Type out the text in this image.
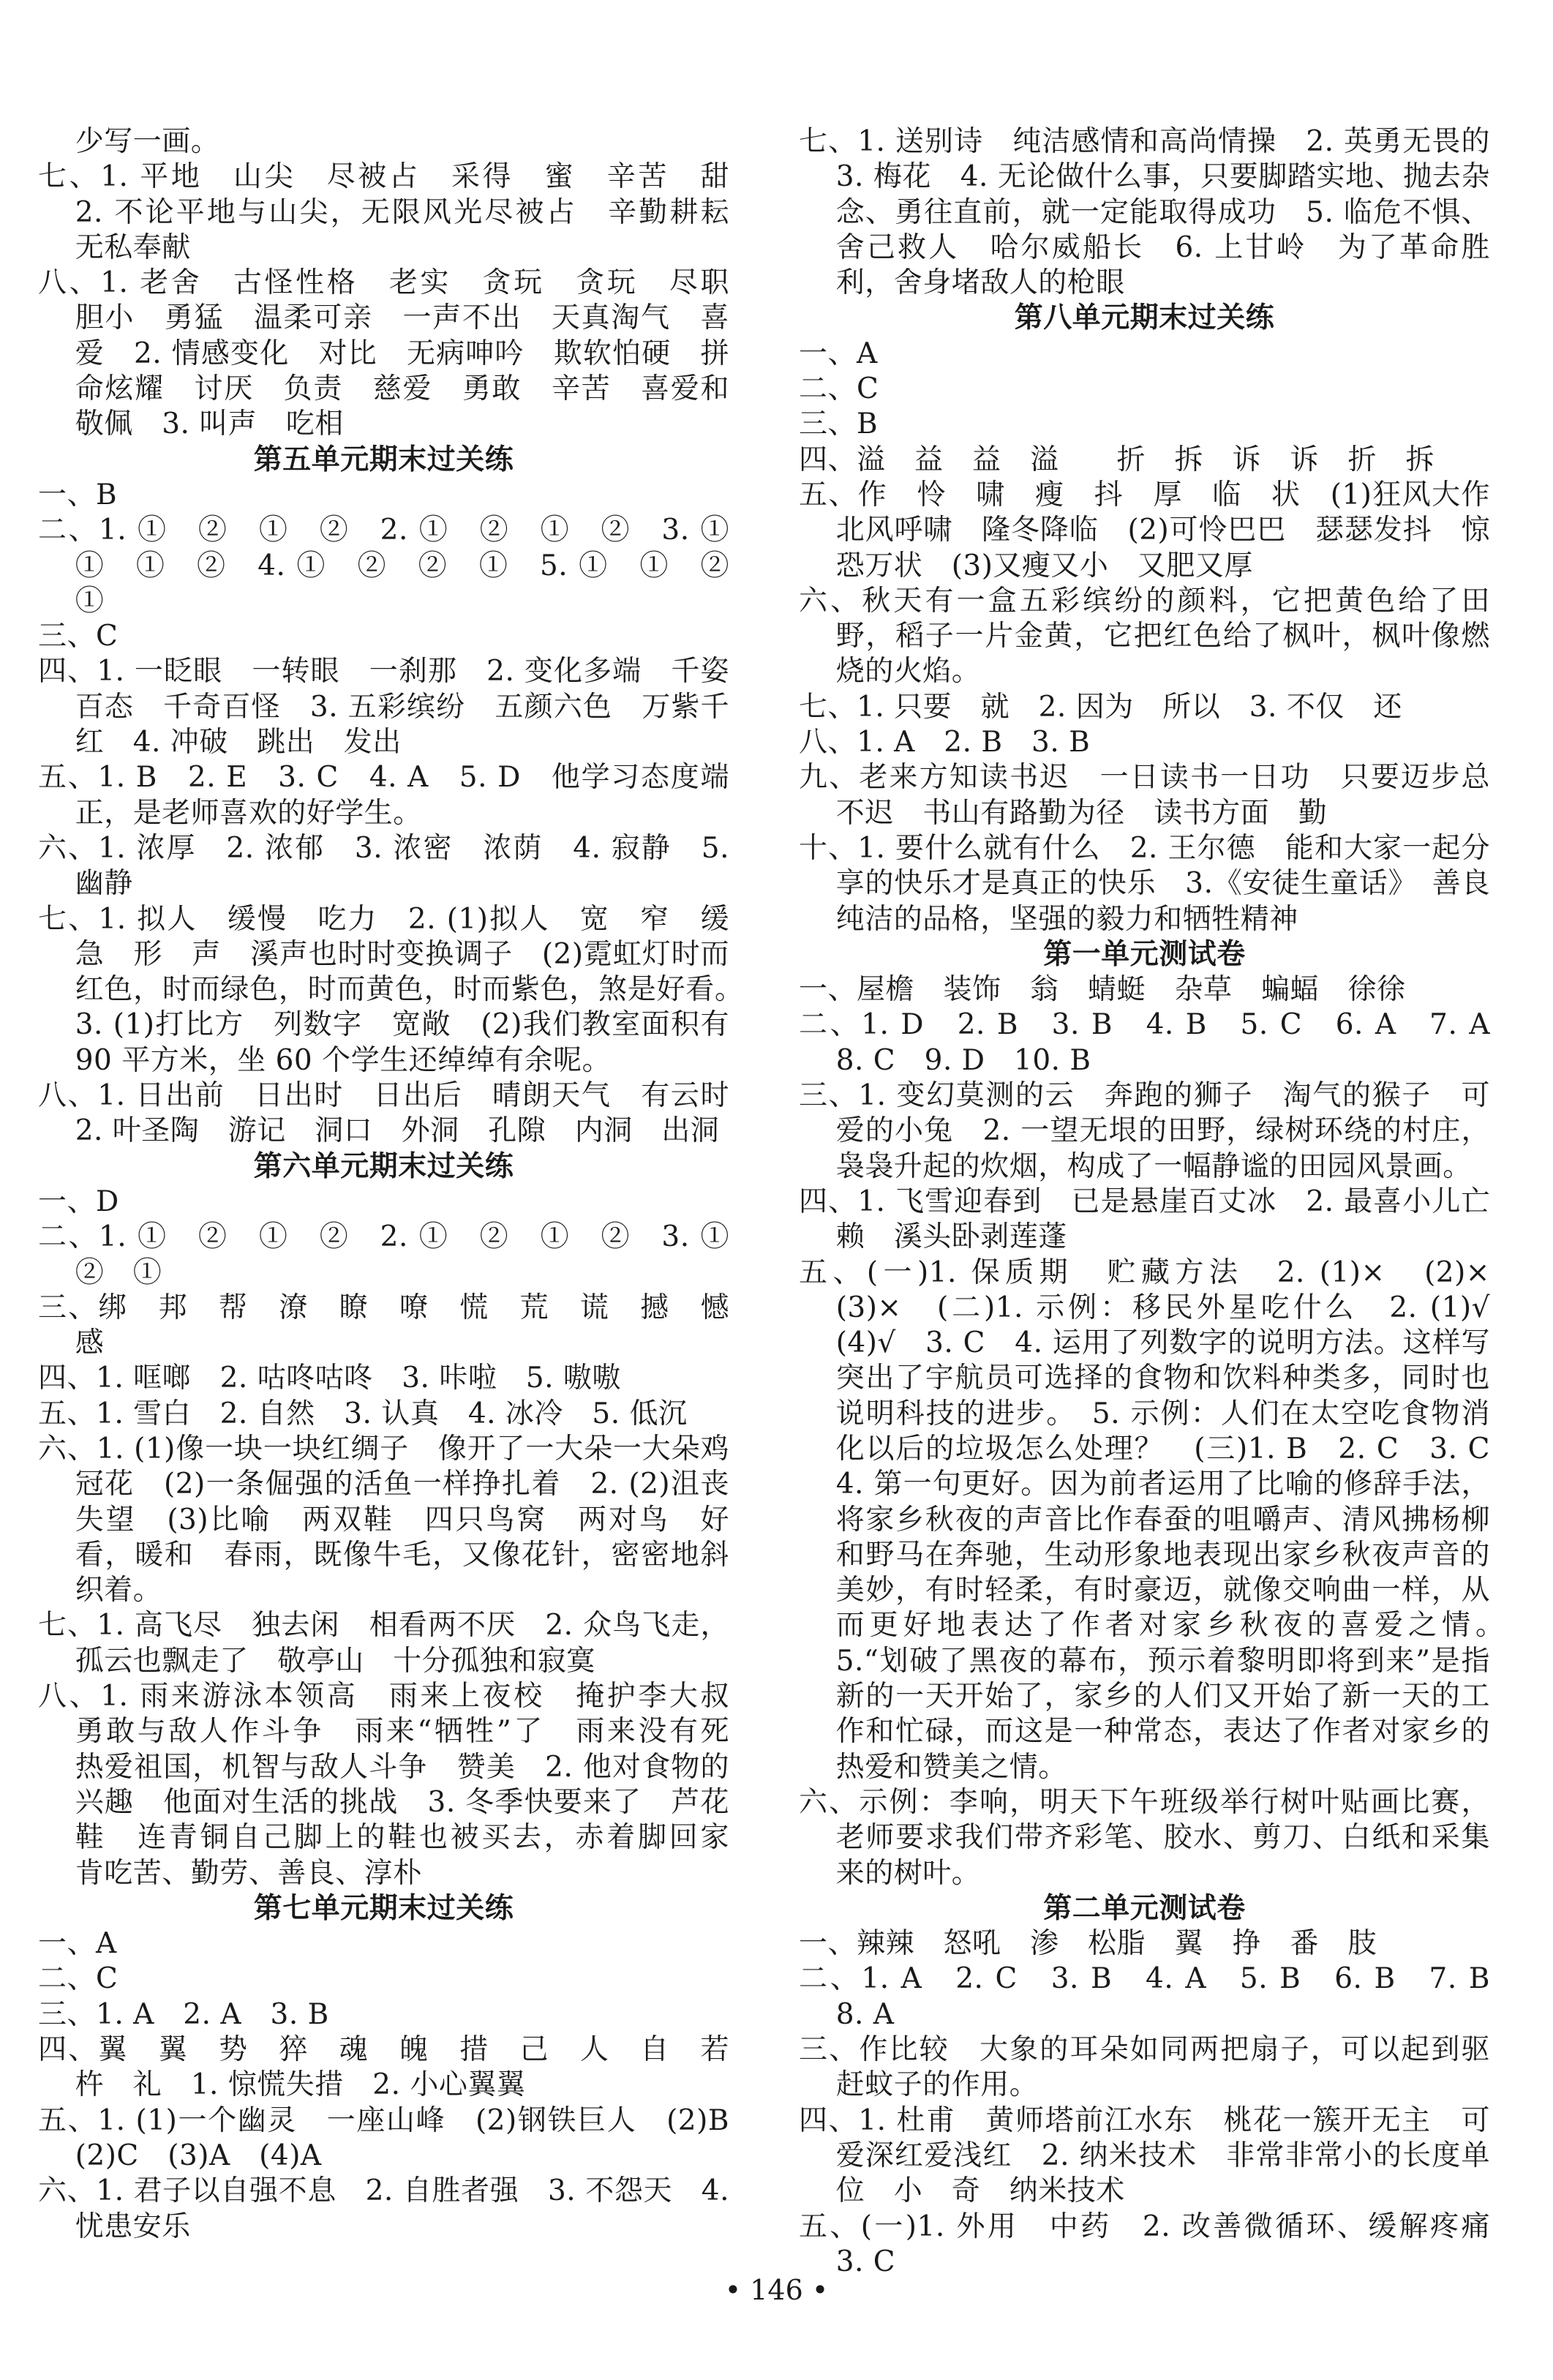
少写一画。

七、1. 平地　山尖　尽被占　采得　蜜　辛苦　甜　2. 不论平地与山尖，无限风光尽被占　辛勤耕耘　无私奉献

八、1. 老舍　古怪性格　老实　贪玩　贪玩　尽职　胆小　勇猛　温柔可亲　一声不出　天真淘气　喜爱　2. 情感变化　对比　无病呻吟　欺软怕硬　拼命炫耀　讨厌　负责　慈爱　勇敢　辛苦　喜爱和敬佩　3. 叫声　吃相

第五单元期末过关练

一、B

二、1. ①　②　①　②　2. ①　②　①　②　3. ①　①　①　②　4. ①　②　②　①　5. ①　①　②　①

三、C

四、1. 一眨眼　一转眼　一刹那　2. 变化多端　千姿百态　千奇百怪　3. 五彩缤纷　五颜六色　万紫千红　4. 冲破　跳出　发出

五、1. B　2. E　3. C　4. A　5. D　他学习态度端正，是老师喜欢的好学生。

六、1. 浓厚　2. 浓郁　3. 浓密　浓荫　4. 寂静　5. 幽静

七、1. 拟人　缓慢　吃力　2. (1)拟人　宽　窄　缓　急　形　声　溪声也时时变换调子　(2)霓虹灯时而红色，时而绿色，时而黄色，时而紫色，煞是好看。　3. (1)打比方　列数字　宽敞　(2)我们教室面积有 90 平方米，坐 60 个学生还绰绰有余呢。

八、1. 日出前　日出时　日出后　晴朗天气　有云时　2. 叶圣陶　游记　洞口　外洞　孔隙　内洞　出洞

第六单元期末过关练

一、D

二、1. ①　②　①　②　2. ①　②　①　②　3. ①　②　①

三、绑　邦　帮　潦　瞭　嘹　慌　荒　谎　撼　憾　感

四、1. 哐啷　2. 咕咚咕咚　3. 咔啦　5. 嗷嗷

五、1. 雪白　2. 自然　3. 认真　4. 冰冷　5. 低沉

六、1. (1)像一块一块红绸子　像开了一大朵一大朵鸡冠花　(2)一条倔强的活鱼一样挣扎着　2. (2)沮丧　失望　(3)比喻　两双鞋　四只鸟窝　两对鸟　好看，暖和　春雨，既像牛毛，又像花针，密密地斜织着。

七、1. 高飞尽　独去闲　相看两不厌　2. 众鸟飞走，孤云也飘走了　敬亭山　十分孤独和寂寞

八、1. 雨来游泳本领高　雨来上夜校　掩护李大叔　勇敢与敌人作斗争　雨来“牺牲”了　雨来没有死　热爱祖国，机智与敌人斗争　赞美　2. 他对食物的兴趣　他面对生活的挑战　3. 冬季快要来了　芦花鞋　连青铜自己脚上的鞋也被买去，赤着脚回家　肯吃苦、勤劳、善良、淳朴

第七单元期末过关练

一、A

二、C

三、1. A　2. A　3. B

四、翼　翼　势　猝　魂　魄　措　己　人　自　若　杵　礼　1. 惊慌失措　2. 小心翼翼

五、1. (1)一个幽灵　一座山峰　(2)钢铁巨人　(2)B　(2)C　(3)A　(4)A

六、1. 君子以自强不息　2. 自胜者强　3. 不怨天　4. 忧患安乐

七、1. 送别诗　纯洁感情和高尚情操　2. 英勇无畏的　3. 梅花　4. 无论做什么事，只要脚踏实地、抛去杂念、勇往直前，就一定能取得成功　5. 临危不惧、舍己救人　哈尔威船长　6. 上甘岭　为了革命胜利，舍身堵敌人的枪眼

第八单元期末过关练

一、A

二、C

三、B

四、溢　益　益　溢　　折　拆　诉　诉　折　拆

五、作　怜　啸　瘦　抖　厚　临　状　(1)狂风大作　北风呼啸　隆冬降临　(2)可怜巴巴　瑟瑟发抖　惊恐万状　(3)又瘦又小　又肥又厚

六、秋天有一盒五彩缤纷的颜料，它把黄色给了田野，稻子一片金黄，它把红色给了枫叶，枫叶像燃烧的火焰。

七、1. 只要　就　2. 因为　所以　3. 不仅　还

八、1. A　2. B　3. B

九、老来方知读书迟　一日读书一日功　只要迈步总不迟　书山有路勤为径　读书方面　勤

十、1. 要什么就有什么　2. 王尔德　能和大家一起分享的快乐才是真正的快乐　3.《安徒生童话》　善良纯洁的品格，坚强的毅力和牺牲精神

第一单元测试卷

一、屋檐　装饰　翁　蜻蜓　杂草　蝙蝠　徐徐

二、1. D　2. B　3. B　4. B　5. C　6. A　7. A　8. C　9. D　10. B

三、1. 变幻莫测的云　奔跑的狮子　淘气的猴子　可爱的小兔　2. 一望无垠的田野，绿树环绕的村庄，袅袅升起的炊烟，构成了一幅静谧的田园风景画。

四、1. 飞雪迎春到　已是悬崖百丈冰　2. 最喜小儿亡赖　溪头卧剥莲蓬

五、(一)1. 保质期　贮藏方法　2. (1)×　(2)×　(3)×　(二)1. 示例：移民外星吃什么　2. (1)√　(4)√　3. C　4. 运用了列数字的说明方法。这样写突出了宇航员可选择的食物和饮料种类多，同时也说明科技的进步。　5. 示例：人们在太空吃食物消化以后的垃圾怎么处理？　(三)1. B　2. C　3. C　4. 第一句更好。因为前者运用了比喻的修辞手法，将家乡秋夜的声音比作春蚕的咀嚼声、清风拂杨柳和野马在奔驰，生动形象地表现出家乡秋夜声音的美妙，有时轻柔，有时豪迈，就像交响曲一样，从而更好地表达了作者对家乡秋夜的喜爱之情。　5.“划破了黑夜的幕布，预示着黎明即将到来”是指新的一天开始了，家乡的人们又开始了新一天的工作和忙碌，而这是一种常态，表达了作者对家乡的热爱和赞美之情。

六、示例：李响，明天下午班级举行树叶贴画比赛，老师要求我们带齐彩笔、胶水、剪刀、白纸和采集来的树叶。

第二单元测试卷

一、辣辣　怒吼　渗　松脂　翼　挣　番　肢

二、1. A　2. C　3. B　4. A　5. B　6. B　7. B　8. A

三、作比较　大象的耳朵如同两把扇子，可以起到驱赶蚊子的作用。

四、1. 杜甫　黄师塔前江水东　桃花一簇开无主　可爱深红爱浅红　2. 纳米技术　非常非常小的长度单位　小　奇　纳米技术

五、(一)1. 外用　中药　2. 改善微循环、缓解疼痛　3. C

• 146 •
